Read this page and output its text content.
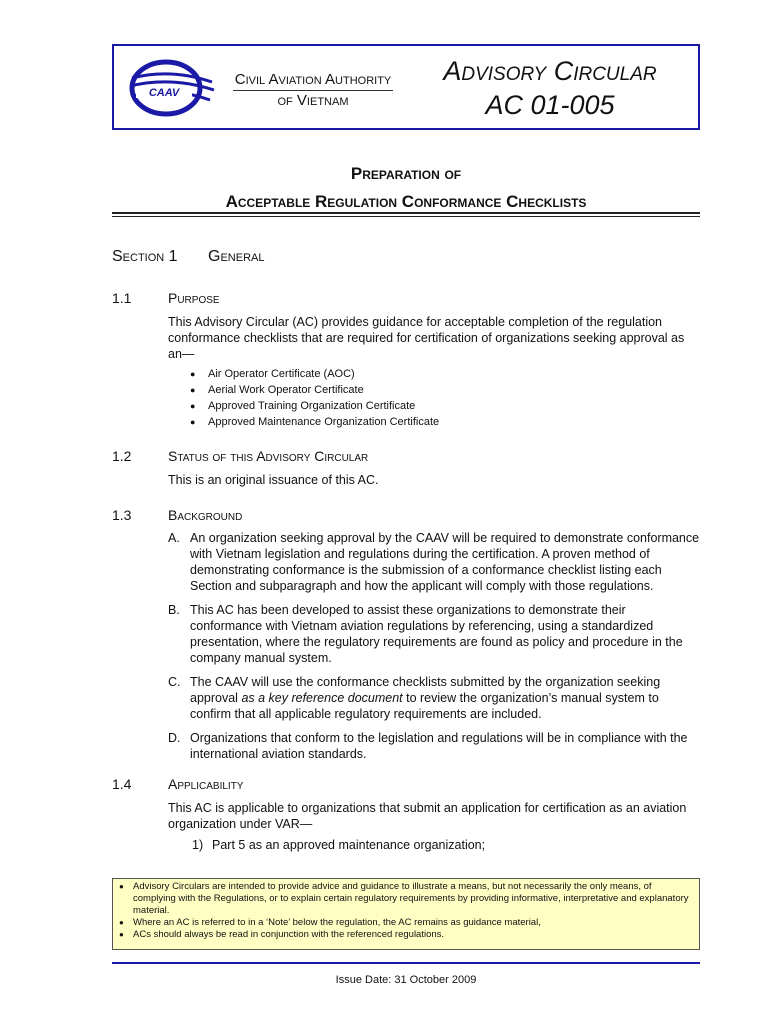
CAAV
Civil Aviation Authority
of Vietnam
Advisory Circular
AC 01-005
Preparation of
Acceptable Regulation Conformance Checklists
Section 1 General
1.1	Purpose
This Advisory Circular (AC) provides guidance for acceptable completion of the regulation conformance checklists that are required for certification of organizations seeking approval as an—
● Air Operator Certificate (AOC)
● Aerial Work Operator Certificate
● Approved Training Organization Certificate
● Approved Maintenance Organization Certificate
1.2	Status of this Advisory Circular
This is an original issuance of this AC.
1.3	Background
A. An organization seeking approval by the CAAV will be required to demonstrate conformance with Vietnam legislation and regulations during the certification. A proven method of demonstrating conformance is the submission of a conformance checklist listing each Section and subparagraph and how the applicant will comply with those regulations.
B. This AC has been developed to assist these organizations to demonstrate their conformance with Vietnam aviation regulations by referencing, using a standardized presentation, where the regulatory requirements are found as policy and procedure in the company manual system.
C. The CAAV will use the conformance checklists submitted by the organization seeking approval as a key reference document to review the organization’s manual system to confirm that all applicable regulatory requirements are included.
D. Organizations that conform to the legislation and regulations will be in compliance with the international aviation standards.
1.4	Applicability
This AC is applicable to organizations that submit an application for certification as an aviation organization under VAR—
1) Part 5 as an approved maintenance organization;
● Advisory Circulars are intended to provide advice and guidance to illustrate a means, but not necessarily the only means, of complying with the Regulations, or to explain certain regulatory requirements by providing informative, interpretative and explanatory material.
● Where an AC is referred to in a ‘Note’ below the regulation, the AC remains as guidance material,
● ACs should always be read in conjunction with the referenced regulations.
Issue Date: 31 October 2009
